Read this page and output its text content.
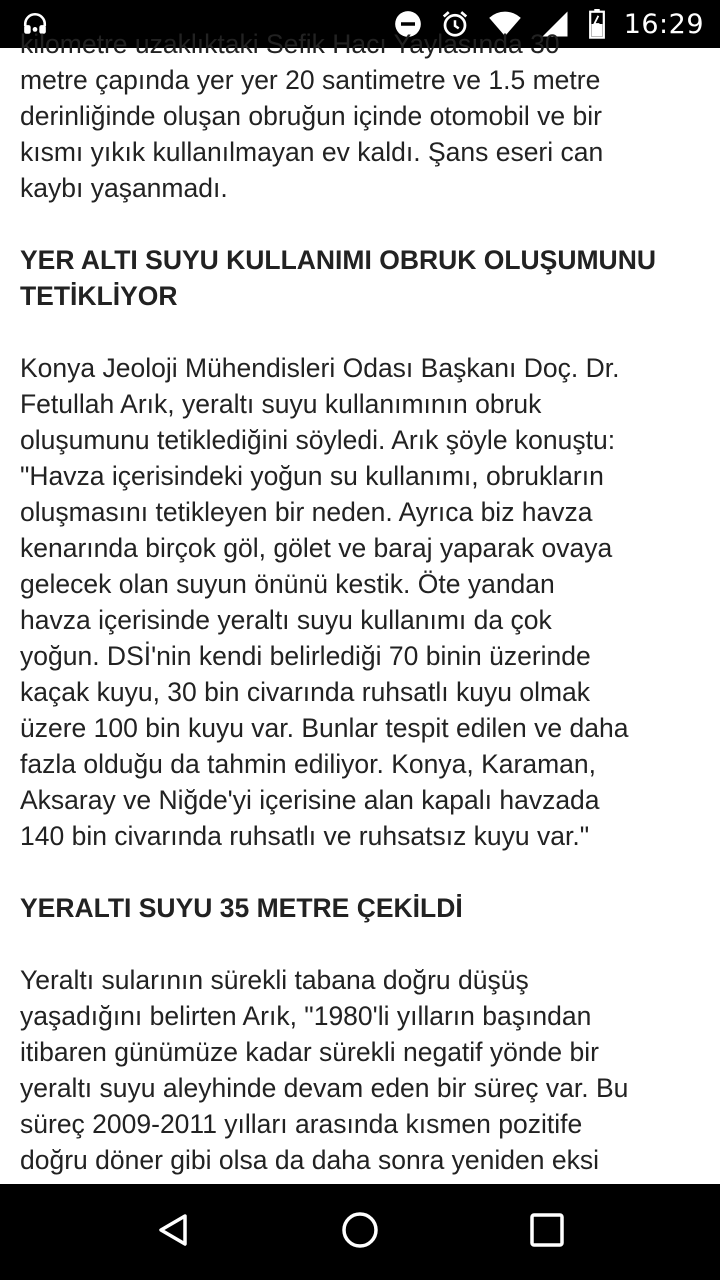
16:29

kilometre uzaklıktaki Sefik Hacı Yaylasında 30
metre çapında yer yer 20 santimetre ve 1.5 metre
derinliğinde oluşan obruğun içinde otomobil ve bir
kısmı yıkık kullanılmayan ev kaldı. Şans eseri can
kaybı yaşanmadı.

YER ALTI SUYU KULLANIMI OBRUK OLUŞUMUNU
TETİKLİYOR

Konya Jeoloji Mühendisleri Odası Başkanı Doç. Dr.
Fetullah Arık, yeraltı suyu kullanımının obruk
oluşumunu tetiklediğini söyledi. Arık şöyle konuştu:
"Havza içerisindeki yoğun su kullanımı, obrukların
oluşmasını tetikleyen bir neden. Ayrıca biz havza
kenarında birçok göl, gölet ve baraj yaparak ovaya
gelecek olan suyun önünü kestik. Öte yandan
havza içerisinde yeraltı suyu kullanımı da çok
yoğun. DSİ'nin kendi belirlediği 70 binin üzerinde
kaçak kuyu, 30 bin civarında ruhsatlı kuyu olmak
üzere 100 bin kuyu var. Bunlar tespit edilen ve daha
fazla olduğu da tahmin ediliyor. Konya, Karaman,
Aksaray ve Niğde'yi içerisine alan kapalı havzada
140 bin civarında ruhsatlı ve ruhsatsız kuyu var."

YERALTI SUYU 35 METRE ÇEKİLDİ

Yeraltı sularının sürekli tabana doğru düşüş
yaşadığını belirten Arık, "1980'li yılların başından
itibaren günümüze kadar sürekli negatif yönde bir
yeraltı suyu aleyhinde devam eden bir süreç var. Bu
süreç 2009-2011 yılları arasında kısmen pozitife
doğru döner gibi olsa da daha sonra yeniden eksi
